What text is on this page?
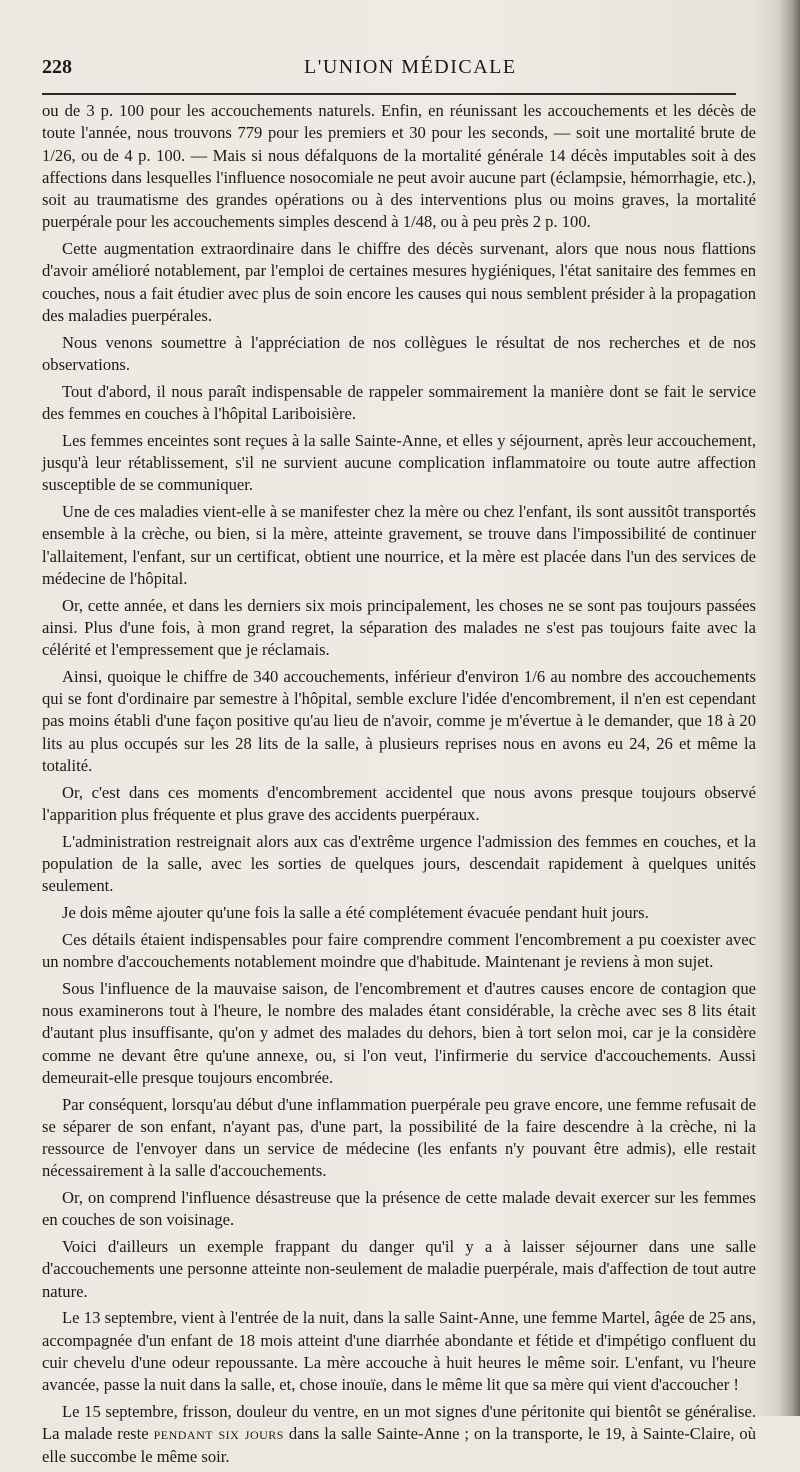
228	L'UNION MÉDICALE

ou de 3 p. 100 pour les accouchements naturels. Enfin, en réunissant les accouchements et les décès de toute l'année, nous trouvons 779 pour les premiers et 30 pour les seconds, — soit une mortalité brute de 1/26, ou de 4 p. 100. — Mais si nous défalquons de la mortalité générale 14 décès imputables soit à des affections dans lesquelles l'influence nosocomiale ne peut avoir aucune part (éclampsie, hémorrhagie, etc.), soit au traumatisme des grandes opérations ou à des interventions plus ou moins graves, la mortalité puerpérale pour les accouchements simples descend à 1/48, ou à peu près 2 p. 100.

Cette augmentation extraordinaire dans le chiffre des décès survenant, alors que nous nous flattions d'avoir amélioré notablement, par l'emploi de certaines mesures hygiéniques, l'état sanitaire des femmes en couches, nous a fait étudier avec plus de soin encore les causes qui nous semblent présider à la propagation des maladies puerpérales.

Nous venons soumettre à l'appréciation de nos collègues le résultat de nos recherches et de nos observations.

Tout d'abord, il nous paraît indispensable de rappeler sommairement la manière dont se fait le service des femmes en couches à l'hôpital Lariboisière.

Les femmes enceintes sont reçues à la salle Sainte-Anne, et elles y séjournent, après leur accouchement, jusqu'à leur rétablissement, s'il ne survient aucune complication inflammatoire ou toute autre affection susceptible de se communiquer.

Une de ces maladies vient-elle à se manifester chez la mère ou chez l'enfant, ils sont aussitôt transportés ensemble à la crèche, ou bien, si la mère, atteinte gravement, se trouve dans l'impossibilité de continuer l'allaitement, l'enfant, sur un certificat, obtient une nourrice, et la mère est placée dans l'un des services de médecine de l'hôpital.

Or, cette année, et dans les derniers six mois principalement, les choses ne se sont pas toujours passées ainsi. Plus d'une fois, à mon grand regret, la séparation des malades ne s'est pas toujours faite avec la célérité et l'empressement que je réclamais.

Ainsi, quoique le chiffre de 340 accouchements, inférieur d'environ 1/6 au nombre des accouchements qui se font d'ordinaire par semestre à l'hôpital, semble exclure l'idée d'encombrement, il n'en est cependant pas moins établi d'une façon positive qu'au lieu de n'avoir, comme je m'évertue à le demander, que 18 à 20 lits au plus occupés sur les 28 lits de la salle, à plusieurs reprises nous en avons eu 24, 26 et même la totalité.

Or, c'est dans ces moments d'encombrement accidentel que nous avons presque toujours observé l'apparition plus fréquente et plus grave des accidents puerpéraux.

L'administration restreignait alors aux cas d'extrême urgence l'admission des femmes en couches, et la population de la salle, avec les sorties de quelques jours, descendait rapidement à quelques unités seulement.

Je dois même ajouter qu'une fois la salle a été complétement évacuée pendant huit jours.

Ces détails étaient indispensables pour faire comprendre comment l'encombrement a pu coexister avec un nombre d'accouchements notablement moindre que d'habitude. Maintenant je reviens à mon sujet.

Sous l'influence de la mauvaise saison, de l'encombrement et d'autres causes encore de contagion que nous examinerons tout à l'heure, le nombre des malades étant considérable, la crèche avec ses 8 lits était d'autant plus insuffisante, qu'on y admet des malades du dehors, bien à tort selon moi, car je la considère comme ne devant être qu'une annexe, ou, si l'on veut, l'infirmerie du service d'accouchements. Aussi demeurait-elle presque toujours encombrée.

Par conséquent, lorsqu'au début d'une inflammation puerpérale peu grave encore, une femme refusait de se séparer de son enfant, n'ayant pas, d'une part, la possibilité de la faire descendre à la crèche, ni la ressource de l'envoyer dans un service de médecine (les enfants n'y pouvant être admis), elle restait nécessairement à la salle d'accouchements.

Or, on comprend l'influence désastreuse que la présence de cette malade devait exercer sur les femmes en couches de son voisinage.

Voici d'ailleurs un exemple frappant du danger qu'il y a à laisser séjourner dans une salle d'accouchements une personne atteinte non-seulement de maladie puerpérale, mais d'affection de tout autre nature.

Le 13 septembre, vient à l'entrée de la nuit, dans la salle Saint-Anne, une femme Martel, âgée de 25 ans, accompagnée d'un enfant de 18 mois atteint d'une diarrhée abondante et fétide et d'impétigo confluent du cuir chevelu d'une odeur repoussante. La mère accouche à huit heures le même soir. L'enfant, vu l'heure avancée, passe la nuit dans la salle, et, chose inouïe, dans le même lit que sa mère qui vient d'accoucher !

Le 15 septembre, frisson, douleur du ventre, en un mot signes d'une péritonite qui bientôt se généralise. La malade reste pendant six jours dans la salle Sainte-Anne ; on la transporte, le 19, à Sainte-Claire, où elle succombe le même soir.
